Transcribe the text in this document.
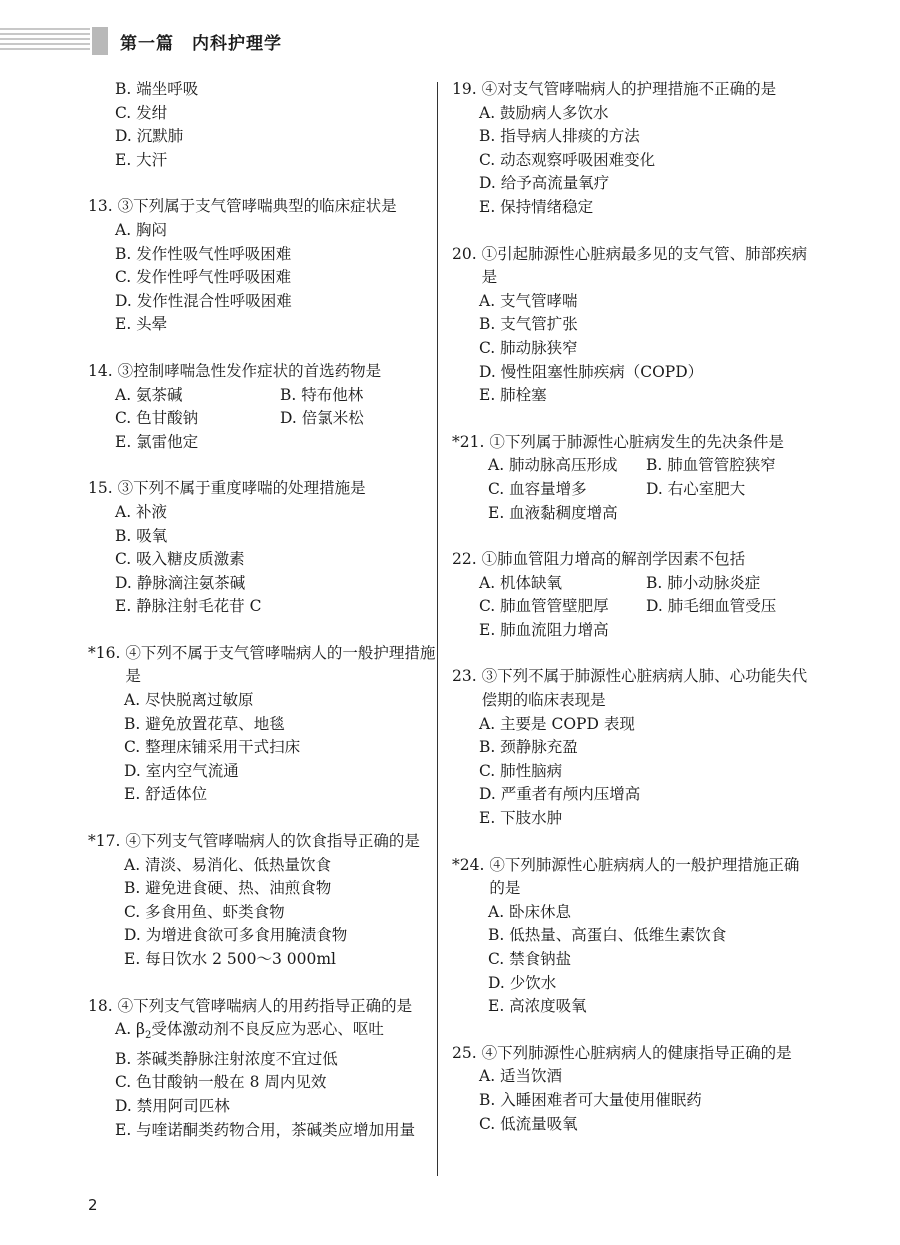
第一篇　内科护理学
B. 端坐呼吸
C. 发绀
D. 沉默肺
E. 大汗
13. ③下列属于支气管哮喘典型的临床症状是
A. 胸闷
B. 发作性吸气性呼吸困难
C. 发作性呼气性呼吸困难
D. 发作性混合性呼吸困难
E. 头晕
14. ③控制哮喘急性发作症状的首选药物是
A. 氨茶碱	B. 特布他林
C. 色甘酸钠	D. 倍氯米松
E. 氯雷他定
15. ③下列不属于重度哮喘的处理措施是
A. 补液
B. 吸氧
C. 吸入糖皮质激素
D. 静脉滴注氨茶碱
E. 静脉注射毛花苷 C
*16. ④下列不属于支气管哮喘病人的一般护理措施是
A. 尽快脱离过敏原
B. 避免放置花草、地毯
C. 整理床铺采用干式扫床
D. 室内空气流通
E. 舒适体位
*17. ④下列支气管哮喘病人的饮食指导正确的是
A. 清淡、易消化、低热量饮食
B. 避免进食硬、热、油煎食物
C. 多食用鱼、虾类食物
D. 为增进食欲可多食用腌渍食物
E. 每日饮水 2 500～3 000ml
18. ④下列支气管哮喘病人的用药指导正确的是
A. $\beta_2$受体激动剂不良反应为恶心、呕吐
B. 茶碱类静脉注射浓度不宜过低
C. 色甘酸钠一般在 8 周内见效
D. 禁用阿司匹林
E. 与喹诺酮类药物合用，茶碱类应增加用量
19. ④对支气管哮喘病人的护理措施不正确的是
A. 鼓励病人多饮水
B. 指导病人排痰的方法
C. 动态观察呼吸困难变化
D. 给予高流量氧疗
E. 保持情绪稳定
20. ①引起肺源性心脏病最多见的支气管、肺部疾病是
A. 支气管哮喘
B. 支气管扩张
C. 肺动脉狭窄
D. 慢性阻塞性肺疾病（COPD）
E. 肺栓塞
*21. ①下列属于肺源性心脏病发生的先决条件是
A. 肺动脉高压形成	B. 肺血管管腔狭窄
C. 血容量增多	D. 右心室肥大
E. 血液黏稠度增高
22. ①肺血管阻力增高的解剖学因素不包括
A. 机体缺氧	B. 肺小动脉炎症
C. 肺血管管壁肥厚	D. 肺毛细血管受压
E. 肺血流阻力增高
23. ③下列不属于肺源性心脏病病人肺、心功能失代偿期的临床表现是
A. 主要是 COPD 表现
B. 颈静脉充盈
C. 肺性脑病
D. 严重者有颅内压增高
E. 下肢水肿
*24. ④下列肺源性心脏病病人的一般护理措施正确的是
A. 卧床休息
B. 低热量、高蛋白、低维生素饮食
C. 禁食钠盐
D. 少饮水
E. 高浓度吸氧
25. ④下列肺源性心脏病病人的健康指导正确的是
A. 适当饮酒
B. 入睡困难者可大量使用催眠药
C. 低流量吸氧
2
